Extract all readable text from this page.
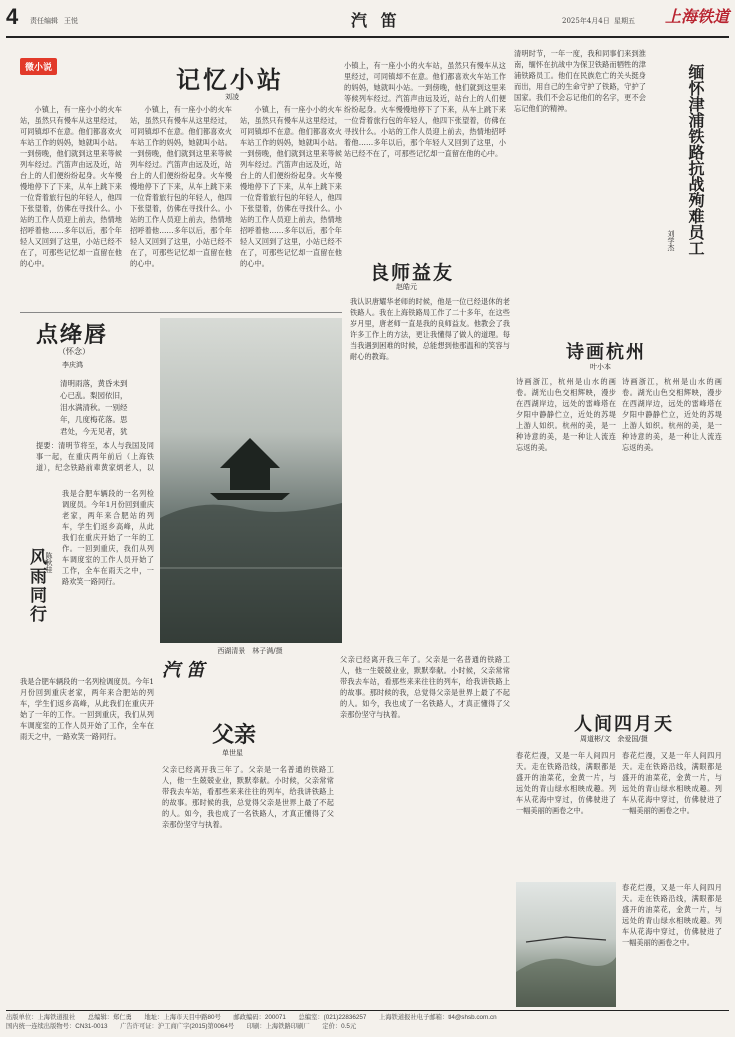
4 责任编辑 王悦	汽 笛	2025年4月4日 星期五 上海铁道
微小说	记忆小站
刘凌

小镇上，有一座小小的火车站，虽然只有慢车从这里经过，可同镇却不在意。他们都喜欢火车站工作的妈妈，她就叫小站。一到傍晚，他们就到这里来等候列车经过。汽笛声由远及近，站台上的人们便纷纷起身。火车慢慢地停下了下来，从车上跳下来一位背着旅行包的年轻人，他四下张望着，仿佛在寻找什么。小站的工作人员迎上前去，热情地招呼着他……多年以后，那个年轻人又回到了这里，小站已经不在了，可那些记忆却一直留在他的心中。

小镇上，有一座小小的火车站，虽然只有慢车从这里经过，可同镇却不在意。他们都喜欢火车站工作的妈妈，她就叫小站。一到傍晚，他们就到这里来等候列车经过。汽笛声由远及近，站台上的人们便纷纷起身。火车慢慢地停下了下来，从车上跳下来一位背着旅行包的年轻人，他四下张望着，仿佛在寻找什么。小站的工作人员迎上前去，热情地招呼着他……多年以后，那个年轻人又回到了这里，小站已经不在了，可那些记忆却一直留在他的心中。

小镇上，有一座小小的火车站，虽然只有慢车从这里经过，可同镇却不在意。他们都喜欢火车站工作的妈妈，她就叫小站。一到傍晚，他们就到这里来等候列车经过。汽笛声由远及近，站台上的人们便纷纷起身。火车慢慢地停下了下来，从车上跳下来一位背着旅行包的年轻人，他四下张望着，仿佛在寻找什么。小站的工作人员迎上前去，热情地招呼着他……多年以后，那个年轻人又回到了这里，小站已经不在了，可那些记忆却一直留在他的心中。

点绛唇
（怀念）
李庆鸿
清明雨落，黄昏未到心已乱。梨园依旧，泪水满清秋。一别经年，几度梅花落。思君处，今无见者，犹
提要：清明节将至，本人与我国及同事一起，在重庆两年前后（上海铁道），纪念铁路前辈黄家炳老人，以
西湖清景　林子满/摄
风雨同行 陈秋桂
我是合肥车辆段的一名列检调度员。今年1月份回到重庆老家，两年来合肥站的列车，学生们返乡高峰，从此我们在重庆开始了一年的工作。一回到重庆，我们从列车调度室的工作人员开始了工作，全车在雨天之中，一路欢笑一路同行。
我是合肥车辆段的一名列检调度员。今年1月份回到重庆老家，两年来合肥站的列车，学生们返乡高峰，从此我们在重庆开始了一年的工作。一回到重庆，我们从列车调度室的工作人员开始了工作，全车在雨天之中，一路欢笑一路同行。
良师益友
赵皓元
我认识唐耀华老师的时候，他是一位已经退休的老铁路人。我在上海铁路局工作了二十多年，在这些岁月里，唐老师一直是我的良师益友。他教会了我许多工作上的方法，更让我懂得了做人的道理。每当我遇到困难的时候，总能想到他那温和的笑容与耐心的教诲。
小镇上，有一座小小的火车站，虽然只有慢车从这里经过，可同镇却不在意。他们都喜欢火车站工作的妈妈，她就叫小站。一到傍晚，他们就到这里来等候列车经过。汽笛声由远及近，站台上的人们便纷纷起身。火车慢慢地停下了下来，从车上跳下来一位背着旅行包的年轻人，他四下张望着，仿佛在寻找什么。小站的工作人员迎上前去，热情地招呼着他……多年以后，那个年轻人又回到了这里，小站已经不在了，可那些记忆却一直留在他的心中。
清明时节，一年一度，我和同事们来到淮南，缅怀在抗战中为保卫铁路而牺牲的津浦铁路员工。他们在民族危亡的关头挺身而出，用自己的生命守护了铁路，守护了国家。我们不会忘记他们的名字，更不会忘记他们的精神。	缅怀津浦铁路抗战殉难员工
刘学杰
诗画杭州
叶小本
诗画浙江，杭州是山水的画卷。湖光山色交相辉映，漫步在西湖岸边，远处的雷峰塔在夕阳中静静伫立，近处的苏堤上游人如织。杭州的美，是一种诗意的美，是一种让人流连忘返的美。
诗画浙江，杭州是山水的画卷。湖光山色交相辉映，漫步在西湖岸边，远处的雷峰塔在夕阳中静静伫立，近处的苏堤上游人如织。杭州的美，是一种诗意的美，是一种让人流连忘返的美。
汽 笛
父亲
单世星
父亲已经离开我三年了。父亲是一名普通的铁路工人，他一生兢兢业业，默默奉献。小时候，父亲常常带我去车站，看那些来来往往的列车，给我讲铁路上的故事。那时候的我，总觉得父亲是世界上最了不起的人。如今，我也成了一名铁路人，才真正懂得了父亲那份坚守与执着。
父亲已经离开我三年了。父亲是一名普通的铁路工人，他一生兢兢业业，默默奉献。小时候，父亲常常带我去车站，看那些来来往往的列车，给我讲铁路上的故事。那时候的我，总觉得父亲是世界上最了不起的人。如今，我也成了一名铁路人，才真正懂得了父亲那份坚守与执着。	人间四月天
周道彬/文　余爱国/摄
春花烂漫，又是一年人间四月天。走在铁路沿线，满眼都是盛开的油菜花，金黄一片，与远处的青山绿水相映成趣。列车从花海中穿过，仿佛驶进了一幅美丽的画卷之中。
春花烂漫，又是一年人间四月天。走在铁路沿线，满眼都是盛开的油菜花，金黄一片，与远处的青山绿水相映成趣。列车从花海中穿过，仿佛驶进了一幅美丽的画卷之中。
春花烂漫，又是一年人间四月天。走在铁路沿线，满眼都是盛开的油菜花，金黄一片，与远处的青山绿水相映成趣。列车从花海中穿过，仿佛驶进了一幅美丽的画卷之中。
出版单位：上海铁道报社　　总编辑：郑仁勇　　地址：上海市天目中路80号　　邮政编码：200071　　总编室：(021)22836257　　上海铁道报社电子邮箱：tl4@shsb.com.cn
国内统一连续出版物号：CN31-0013　　广告许可证：沪工商广字(2015)第0064号　　印刷：上海铁路印刷厂　　定价：0.5元
